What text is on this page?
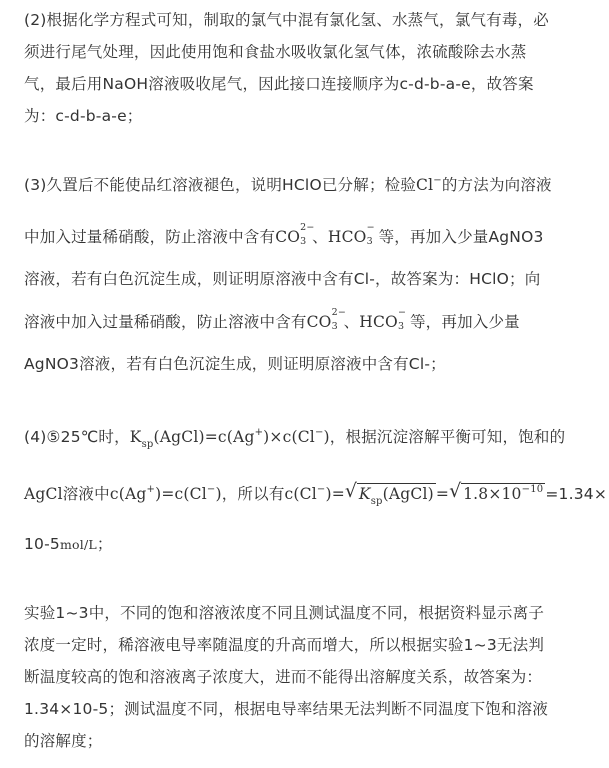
(2)根据化学方程式可知，制取的氯气中混有氯化氢、水蒸气，氯气有毒，必
须进行尾气处理，因此使用饱和食盐水吸收氯化氢气体，浓硫酸除去水蒸
气，最后用NaOH溶液吸收尾气，因此接口连接顺序为c-d-b-a-e，故答案
为：c-d-b-a-e；
(3)久置后不能使品红溶液褪色，说明HClO已分解；检验Cl−的方法为向溶液
中加入过量稀硝酸，防止溶液中含有CO
2−
3 、HCO
−
3 等，再加入少量AgNO3
溶液，若有白色沉淀生成，则证明原溶液中含有Cl-，故答案为：HClO；向
溶液中加入过量稀硝酸，防止溶液中含有CO
2−
3 、HCO
−
3 等，再加入少量
AgNO3溶液，若有白色沉淀生成，则证明原溶液中含有Cl-；
(4)⑤25℃时，$K_{sp}(AgCl)=c(Ag^+)\times c(Cl^-)$，根据沉淀溶解平衡可知，饱和的
AgCl溶液中c(Ag+)=c(Cl−)，所以有c(Cl−)= √ $K_{sp}(AgCl)$ = √ $1.8\times 10^{-10} =1.34\times$
10-5mol/L；
实验1~3中，不同的饱和溶液浓度不同且测试温度不同，根据资料显示离子
浓度一定时，稀溶液电导率随温度的升高而增大，所以根据实验1~3无法判
断温度较高的饱和溶液离子浓度大，进而不能得出溶解度关系，故答案为：
1.34×10-5；测试温度不同，根据电导率结果无法判断不同温度下饱和溶液
的溶解度；
